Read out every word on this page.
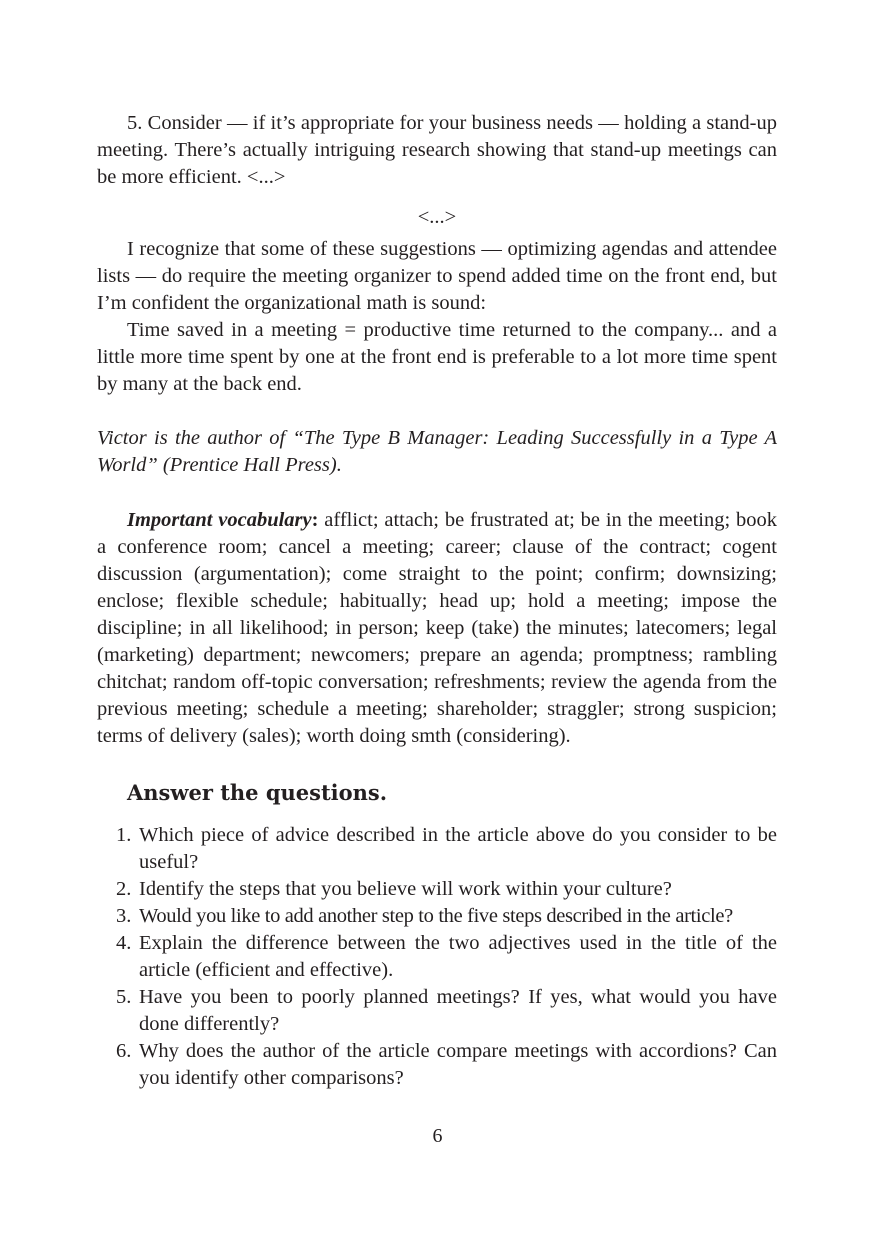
5. Consider — if it’s appropriate for your business needs — holding a stand-up meeting. There’s actually intriguing research showing that stand-up meetings can be more efficient. <...>

<...>

I recognize that some of these suggestions — optimizing agendas and attendee lists — do require the meeting organizer to spend added time on the front end, but I’m confident the organizational math is sound:

Time saved in a meeting = productive time returned to the company... and a little more time spent by one at the front end is preferable to a lot more time spent by many at the back end.

Victor is the author of “The Type B Manager: Leading Successfully in a Type A World” (Prentice Hall Press).

Important vocabulary: afflict; attach; be frustrated at; be in the meeting; book a conference room; cancel a meeting; career; clause of the contract; cogent discussion (argumentation); come straight to the point; confirm; downsizing; enclose; flexible schedule; habitually; head up; hold a meeting; impose the discipline; in all likelihood; in person; keep (take) the minutes; latecomers; legal (marketing) department; newcomers; prepare an agenda; promptness; rambling chitchat; random off-topic conversation; refreshments; review the agenda from the previous meeting; schedule a meeting; shareholder; straggler; strong suspicion; terms of delivery (sales); worth doing smth (considering).

Answer the questions.
1. Which piece of advice described in the article above do you consider to be useful?
2. Identify the steps that you believe will work within your culture?
3. Would you like to add another step to the five steps described in the article?
4. Explain the difference between the two adjectives used in the title of the article (efficient and effective).
5. Have you been to poorly planned meetings? If yes, what would you have done differently?
6. Why does the author of the article compare meetings with accordions? Can you identify other comparisons?
6
